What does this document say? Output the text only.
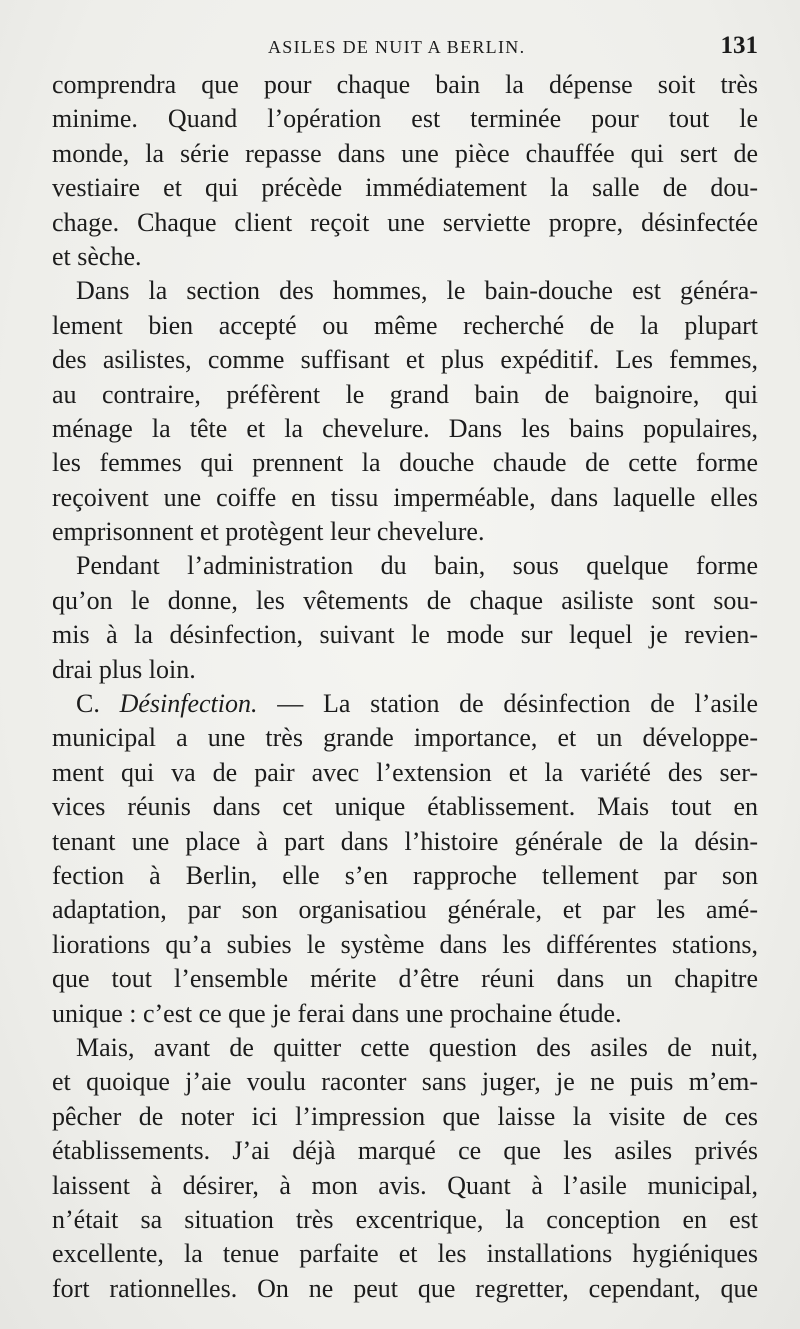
ASILES DE NUIT A BERLIN.	131
comprendra que pour chaque bain la dépense soit très
minime. Quand l’opération est terminée pour tout le
monde, la série repasse dans une pièce chauffée qui sert de
vestiaire et qui précède immédiatement la salle de dou-
chage. Chaque client reçoit une serviette propre, désinfectée
et sèche.
Dans la section des hommes, le bain-douche est généra-
lement bien accepté ou même recherché de la plupart
des asilistes, comme suffisant et plus expéditif. Les femmes,
au contraire, préfèrent le grand bain de baignoire, qui
ménage la tête et la chevelure. Dans les bains populaires,
les femmes qui prennent la douche chaude de cette forme
reçoivent une coiffe en tissu imperméable, dans laquelle elles
emprisonnent et protègent leur chevelure.
Pendant l’administration du bain, sous quelque forme
qu’on le donne, les vêtements de chaque asiliste sont sou-
mis à la désinfection, suivant le mode sur lequel je revien-
drai plus loin.
C. Désinfection. — La station de désinfection de l’asile
municipal a une très grande importance, et un développe-
ment qui va de pair avec l’extension et la variété des ser-
vices réunis dans cet unique établissement. Mais tout en
tenant une place à part dans l’histoire générale de la désin-
fection à Berlin, elle s’en rapproche tellement par son
adaptation, par son organisatiou générale, et par les amé-
liorations qu’a subies le système dans les différentes stations,
que tout l’ensemble mérite d’être réuni dans un chapitre
unique : c’est ce que je ferai dans une prochaine étude.
Mais, avant de quitter cette question des asiles de nuit,
et quoique j’aie voulu raconter sans juger, je ne puis m’em-
pêcher de noter ici l’impression que laisse la visite de ces
établissements. J’ai déjà marqué ce que les asiles privés
laissent à désirer, à mon avis. Quant à l’asile municipal,
n’était sa situation très excentrique, la conception en est
excellente, la tenue parfaite et les installations hygiéniques
fort rationnelles. On ne peut que regretter, cependant, que
